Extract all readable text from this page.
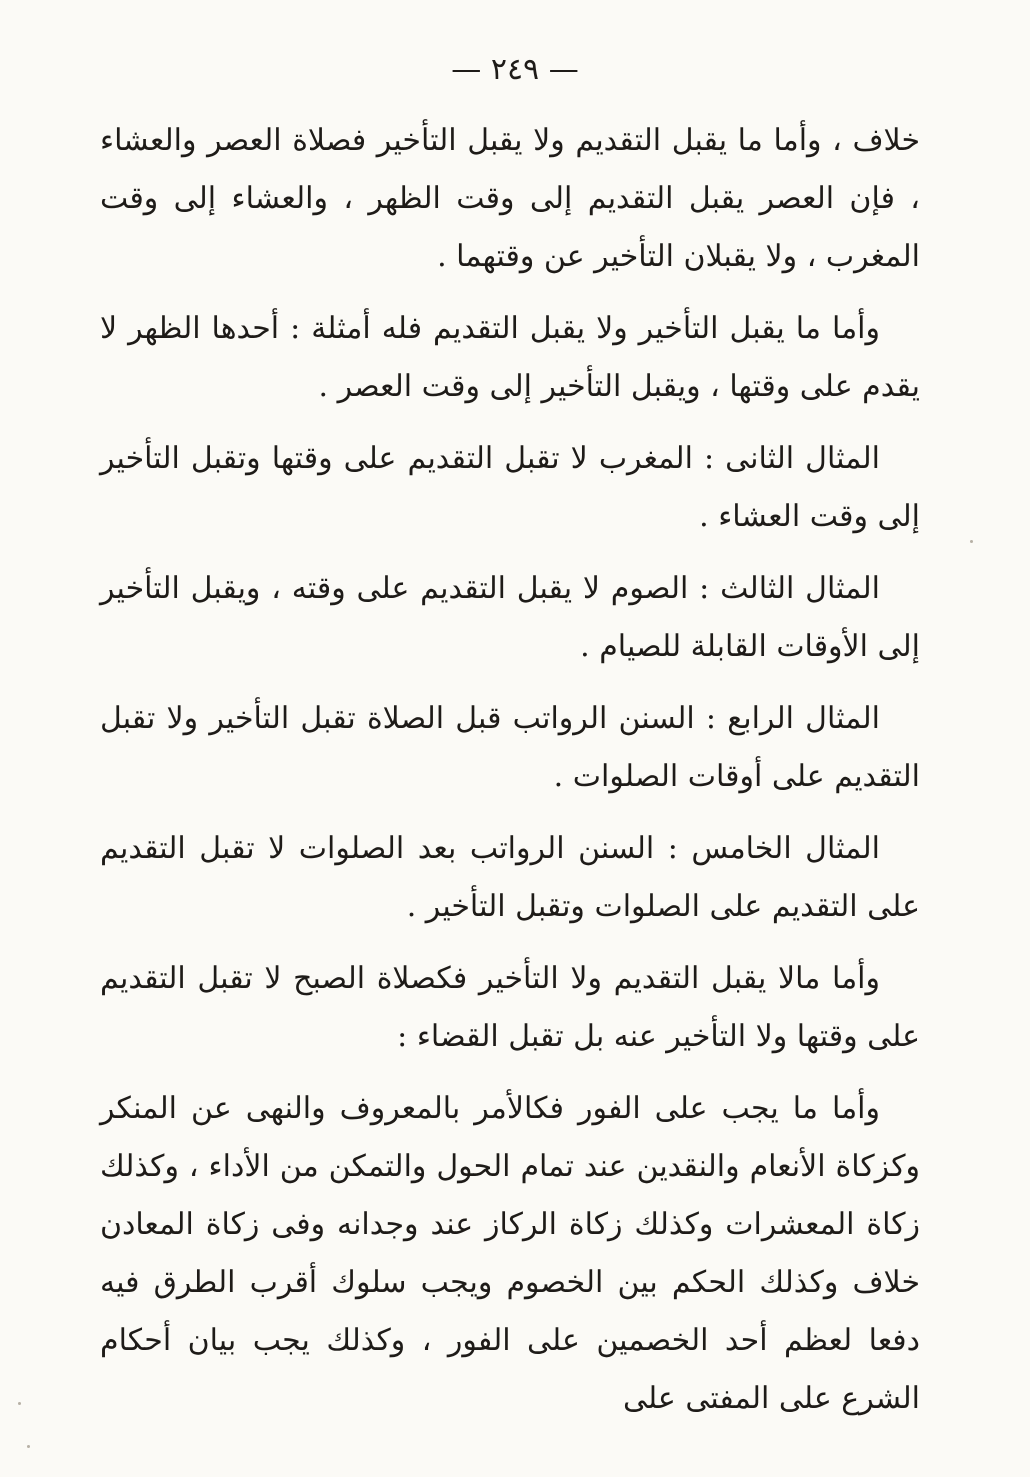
— ٢٤٩ —

خلاف ، وأما ما يقبل التقديم ولا يقبل التأخير فصلاة العصر والعشاء ، فإن العصر يقبل التقديم إلى وقت الظهر ، والعشاء إلى وقت المغرب ، ولا يقبلان التأخير عن وقتهما .

وأما ما يقبل التأخير ولا يقبل التقديم فله أمثلة : أحدها الظهر لا يقدم على وقتها ، ويقبل التأخير إلى وقت العصر .

المثال الثانى : المغرب لا تقبل التقديم على وقتها وتقبل التأخير إلى وقت العشاء .

المثال الثالث : الصوم لا يقبل التقديم على وقته ، ويقبل التأخير إلى الأوقات القابلة للصيام .

المثال الرابع : السنن الرواتب قبل الصلاة تقبل التأخير ولا تقبل التقديم على أوقات الصلوات .

المثال الخامس : السنن الرواتب بعد الصلوات لا تقبل التقديم على التقديم على الصلوات وتقبل التأخير .

وأما مالا يقبل التقديم ولا التأخير فكصلاة الصبح لا تقبل التقديم على وقتها ولا التأخير عنه بل تقبل القضاء :

وأما ما يجب على الفور فكالأمر بالمعروف والنهى عن المنكر وكزكاة الأنعام والنقدين عند تمام الحول والتمكن من الأداء ، وكذلك زكاة المعشرات وكذلك زكاة الركاز عند وجدانه وفى زكاة المعادن خلاف وكذلك الحكم بين الخصوم ويجب سلوك أقرب الطرق فيه دفعا لعظم أحد الخصمين على الفور ، وكذلك يجب بيان أحكام الشرع على المفتى على
